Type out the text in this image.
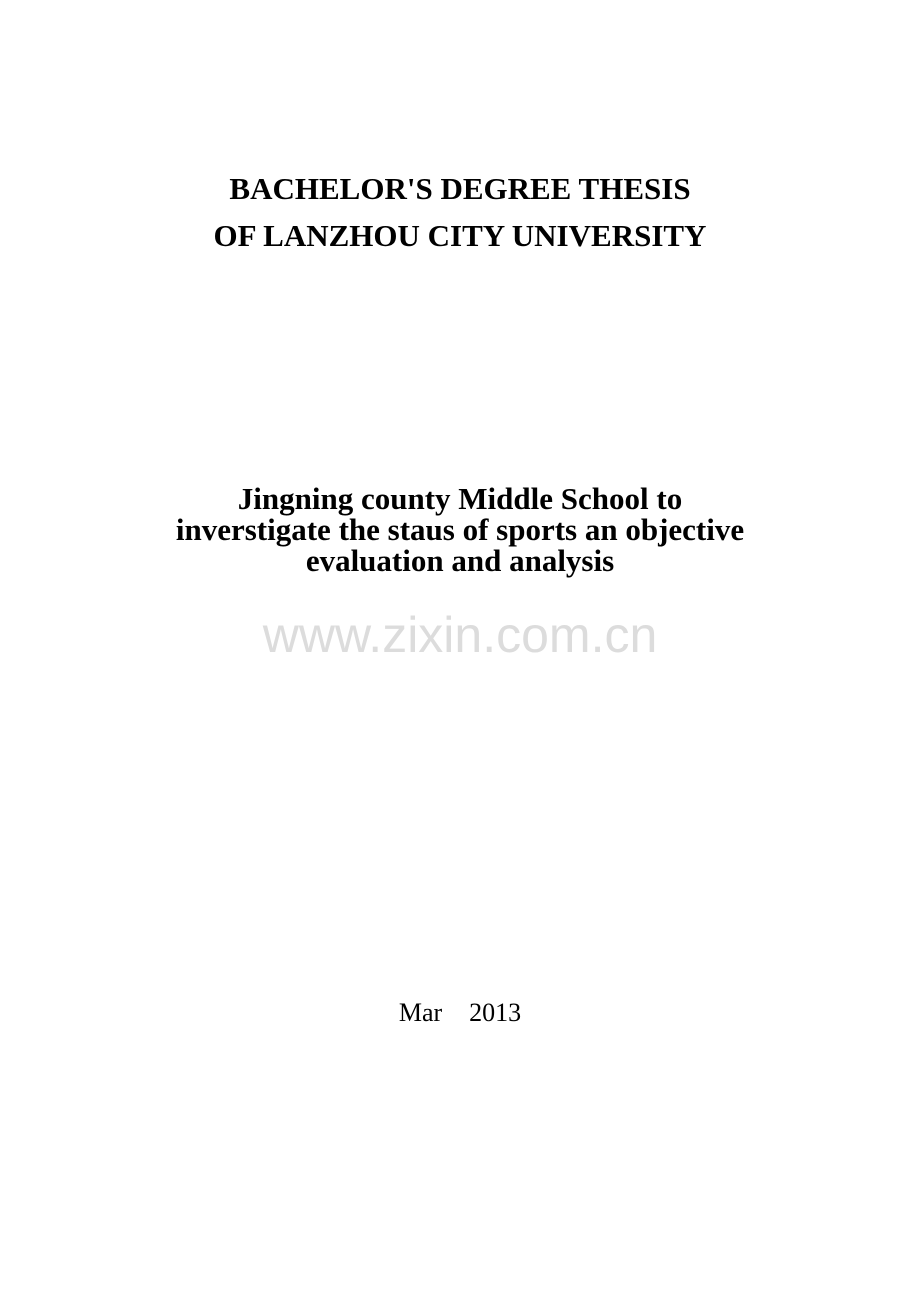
BACHELOR'S DEGREE THESIS
OF LANZHOU CITY UNIVERSITY
Jingning county Middle School to
inverstigate the staus of sports an objective
evaluation and analysis
www.zixin.com.cn
Mar 2013
